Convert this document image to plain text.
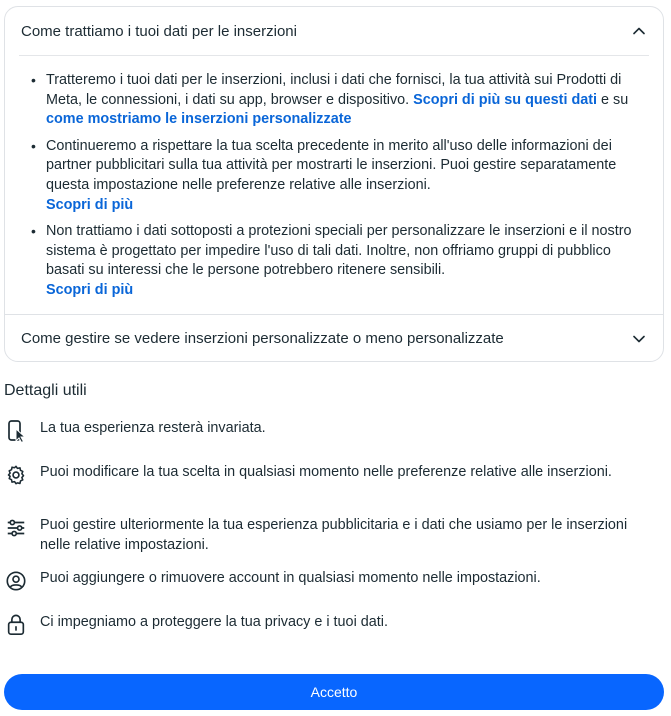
Come trattiamo i tuoi dati per le inserzioni
• Tratteremo i tuoi dati per le inserzioni, inclusi i dati che fornisci, la tua attività sui Prodotti di Meta, le connessioni, i dati su app, browser e dispositivo. Scopri di più su questi dati e su come mostriamo le inserzioni personalizzate
• Continueremo a rispettare la tua scelta precedente in merito all'uso delle informazioni dei partner pubblicitari sulla tua attività per mostrarti le inserzioni. Puoi gestire separatamente questa impostazione nelle preferenze relative alle inserzioni.
Scopri di più
• Non trattiamo i dati sottoposti a protezioni speciali per personalizzare le inserzioni e il nostro sistema è progettato per impedire l'uso di tali dati. Inoltre, non offriamo gruppi di pubblico basati su interessi che le persone potrebbero ritenere sensibili.
Scopri di più
Come gestire se vedere inserzioni personalizzate o meno personalizzate
Dettagli utili
La tua esperienza resterà invariata.
Puoi modificare la tua scelta in qualsiasi momento nelle preferenze relative alle inserzioni.
Puoi gestire ulteriormente la tua esperienza pubblicitaria e i dati che usiamo per le inserzioni nelle relative impostazioni.
Puoi aggiungere o rimuovere account in qualsiasi momento nelle impostazioni.
Ci impegniamo a proteggere la tua privacy e i tuoi dati.
Accetto
